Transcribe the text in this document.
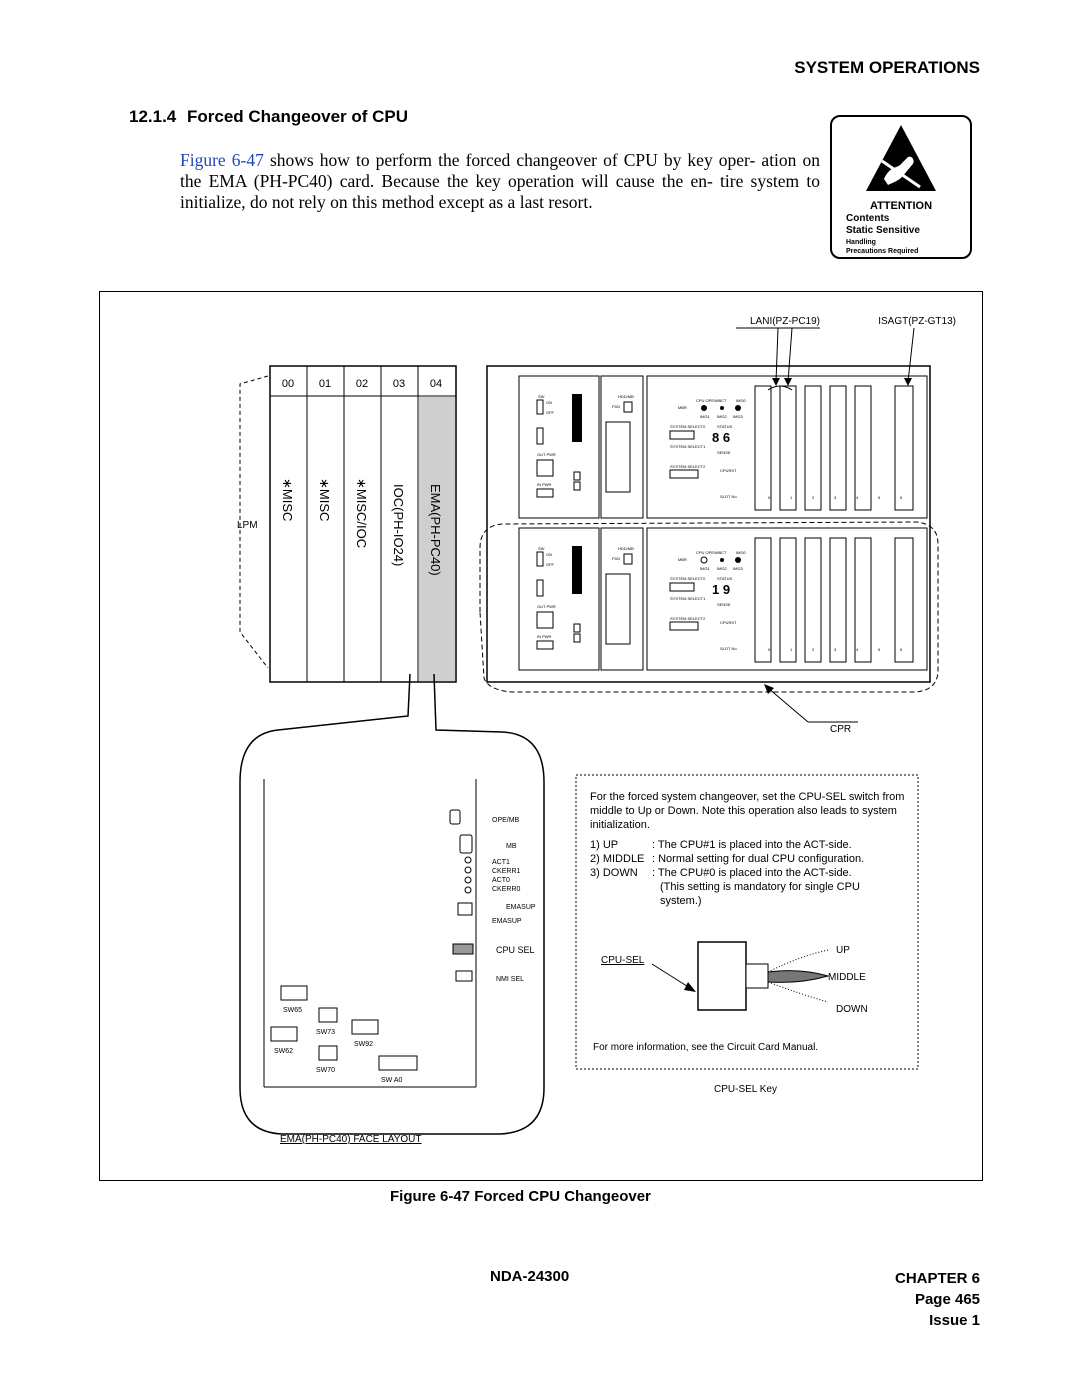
SYSTEM OPERATIONS
12.1.4 Forced Changeover of CPU
Figure 6-47 shows how to perform the forced changeover of CPU by key oper- ation on the EMA (PH-PC40) card. Because the key operation will cause the en- tire system to initialize, do not rely on this method except as a last resort.	ATTENTION
Contents
Static Sensitive
Handling
Precautions Required
LANI(PZ-PC19)	ISAGT(PZ-GT13)
00 01 02 03 04
∗MISC ∗MISC ∗MISC/IOC IOC(PH-IO24) EMA(PH-PC40)
LPM
SW
ON
OFF
OUT PWR
IN PWR
HDD/MB
FDD
CPU OPE/MBCT IMG0
MBR
IMG1 IMG2 IMG3
SYSTEM SELECT0	STATUS
8 6
SYSTEM SELECT1
SENSE
SYSTEM SELECT2
CPURST
SLOT No.
SW
ON
OFF
OUT PWR
IN PWR
HDD/MB
FDD
CPU OPE/MBCT IMG0
MBR
IMG1 IMG2 IMG3
SYSTEM SELECT0	STATUS
1 9
SYSTEM SELECT1
SENSE
SYSTEM SELECT2
CPURST
SLOT No.
0	1	2	3	4	5	6
0	1	2	3	4	5	6
CPR
OPE/MB
MB
ACT1
CKERR1
ACT0
CKERR0
EMASUP
EMASUP
CPU SEL
NMI SEL
SW65
SW73
SW92
SW62
SW70
SW A0
EMA(PH-PC40) FACE LAYOUT
For the forced system changeover, set the CPU-SEL switch from middle to Up or Down. Note this operation also leads to system initialization.
1) UP	: The CPU#1 is placed into the ACT-side.
2) MIDDLE : Normal setting for dual CPU configuration.
3) DOWN	: The CPU#0 is placed into the ACT-side.
(This setting is mandatory for single CPU
system.)
CPU-SEL
UP
MIDDLE
DOWN
For more information, see the Circuit Card Manual.
CPU-SEL Key
Figure 6-47 Forced CPU Changeover
NDA-24300	CHAPTER 6
Page 465
Issue 1
